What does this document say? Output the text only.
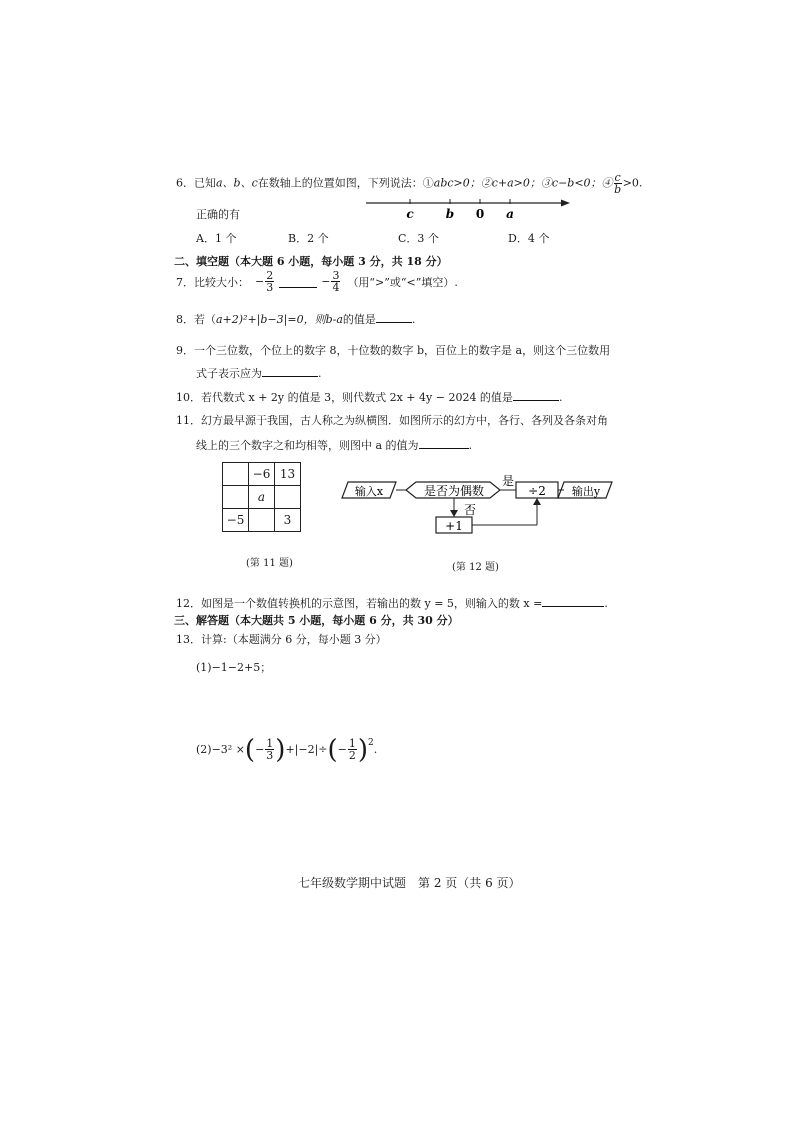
6．已知a、b、c在数轴上的位置如图，下列说法：①abc>0；②c+a>0；③c−b<0；④ $\frac{c}{b} >0$.
正确的有	c	b 0 a
A．1 个	B．2 个	C．3 个	D．4 个
二、填空题（本大题 6 小题，每小题 3 分，共 18 分）
7．比较大小： − $\frac{2}{3}$	− $\frac{3}{4}$ （用“>”或“<”填空）.
8．若（a+2)²+|b−3|=0，则b-a的值是	.
9．一个三位数，个位上的数字 8，十位数的数字 b，百位上的数字是 a，则这个三位数用
式子表示应为	.
10．若代数式 x + 2y 的值是 3，则代数式 2x + 4y − 2024 的值是	.
11．幻方最早源于我国，古人称之为纵横图．如图所示的幻方中，各行、各列及各条对角
线上的三个数字之和均相等，则图中 a 的值为	.
	−6	13
	a	
−5		3
(第 11 题)
输入x	是否为偶数
是
÷2 输出y
否
+1
(第 12 题)
12．如图是一个数值转换机的示意图，若输出的数 y = 5，则输入的数 x =	.
三、解答题（本大题共 5 小题，每小题 6 分，共 30 分）
13．计算:（本题满分 6 分，每小题 3 分）
(1)−1−2+5；
(2)−3² × ( − $\frac{1}{3}$ ) +|−2|÷ ( − $\frac{1}{2} )^2$ .
七年级数学期中试题　第 2 页（共 6 页）
